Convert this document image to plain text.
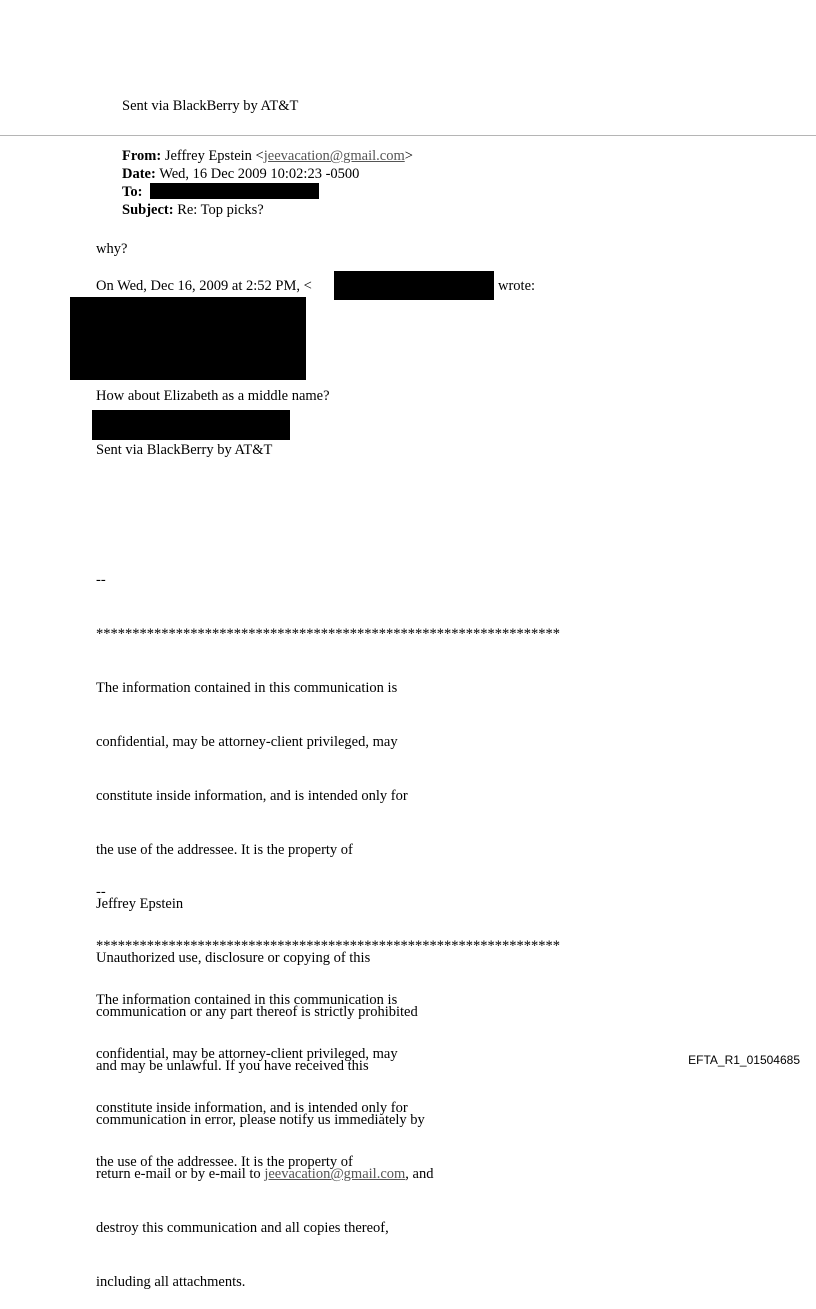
Sent via BlackBerry by AT&T
From: Jeffrey Epstein <jeevacation@gmail.com>
Date: Wed, 16 Dec 2009 10:02:23 -0500
To:
Subject: Re: Top picks?
why?
On Wed, Dec 16, 2009 at 2:52 PM, <	wrote:
How about Elizabeth as a middle name?
Sent via BlackBerry by AT&T

--

****************************************************************

The information contained in this communication is

confidential, may be attorney-client privileged, may

constitute inside information, and is intended only for

the use of the addressee. It is the property of

Jeffrey Epstein

Unauthorized use, disclosure or copying of this

communication or any part thereof is strictly prohibited

and may be unlawful. If you have received this

communication in error, please notify us immediately by

return e-mail or by e-mail to jeevacation@gmail.com, and

destroy this communication and all copies thereof,

including all attachments.

--

****************************************************************

The information contained in this communication is

confidential, may be attorney-client privileged, may

constitute inside information, and is intended only for

the use of the addressee. It is the property of

EFTA_R1_01504685
